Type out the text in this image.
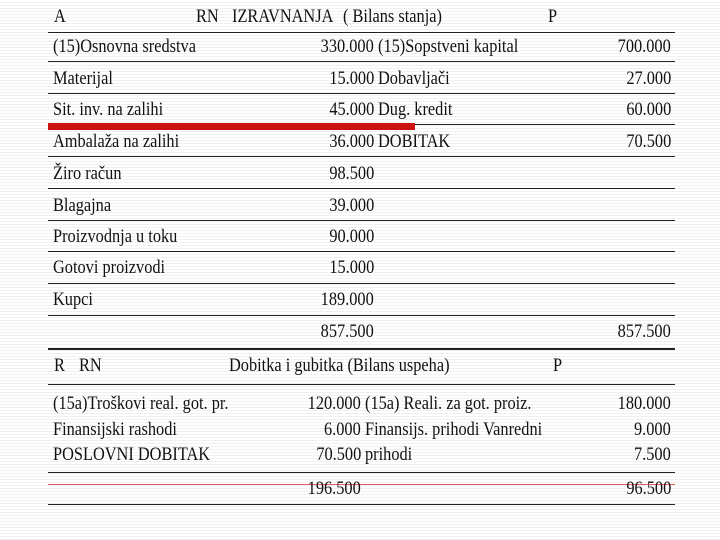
A	RN IZRAVNANJA ( Bilans stanja)	P
(15)Osnovna sredstva	330.000 (15)Sopstveni kapital	700.000
Materijal	15.000 Dobavljači	27.000
Sit. inv. na zalihi	45.000 Dug. kredit	60.000
Ambalaža na zalihi	36.000 DOBITAK	70.500
Žiro račun	98.500
Blagajna	39.000
Proizvodnja u toku	90.000
Gotovi proizvodi	15.000
Kupci	189.000
857.500	857.500
R RN	Dobitka i gubitka (Bilans uspeha)	P
(15a)Troškovi real. got. pr.	120.000 (15a) Reali. za got. proiz.	180.000
Finansijski rashodi	6.000 Finansijs. prihodi Vanredni	9.000
POSLOVNI DOBITAK	70.500 prihodi	7.500
196.500	96.500
